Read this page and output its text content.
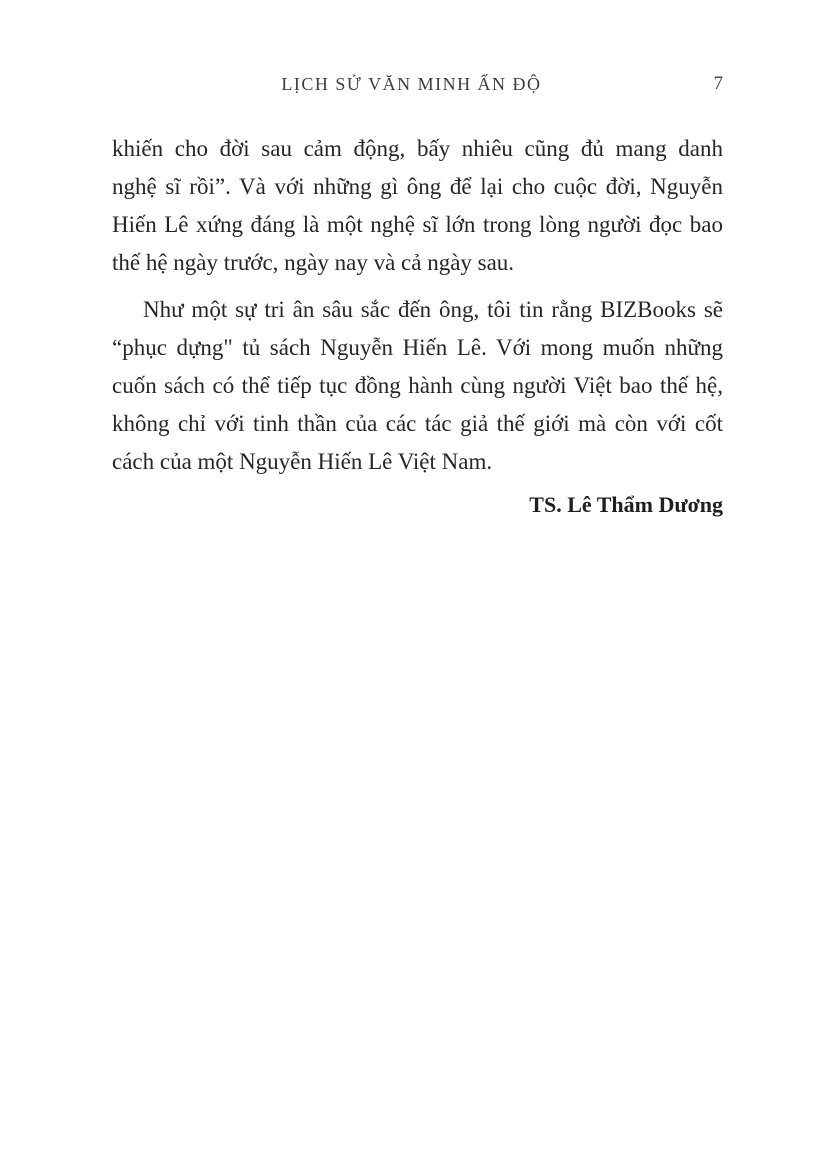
LỊCH SỬ VĂN MINH ẤN ĐỘ	7
khiến cho đời sau cảm động, bấy nhiêu cũng đủ mang danh
nghệ sĩ rồi”. Và với những gì ông để lại cho cuộc đời, Nguyễn
Hiến Lê xứng đáng là một nghệ sĩ lớn trong lòng người đọc bao
thế hệ ngày trước, ngày nay và cả ngày sau.
Như một sự tri ân sâu sắc đến ông, tôi tin rằng BIZBooks sẽ
“phục dựng" tủ sách Nguyễn Hiến Lê. Với mong muốn những
cuốn sách có thể tiếp tục đồng hành cùng người Việt bao thế hệ,
không chỉ với tinh thần của các tác giả thế giới mà còn với cốt
cách của một Nguyễn Hiến Lê Việt Nam.
TS. Lê Thẩm Dương
